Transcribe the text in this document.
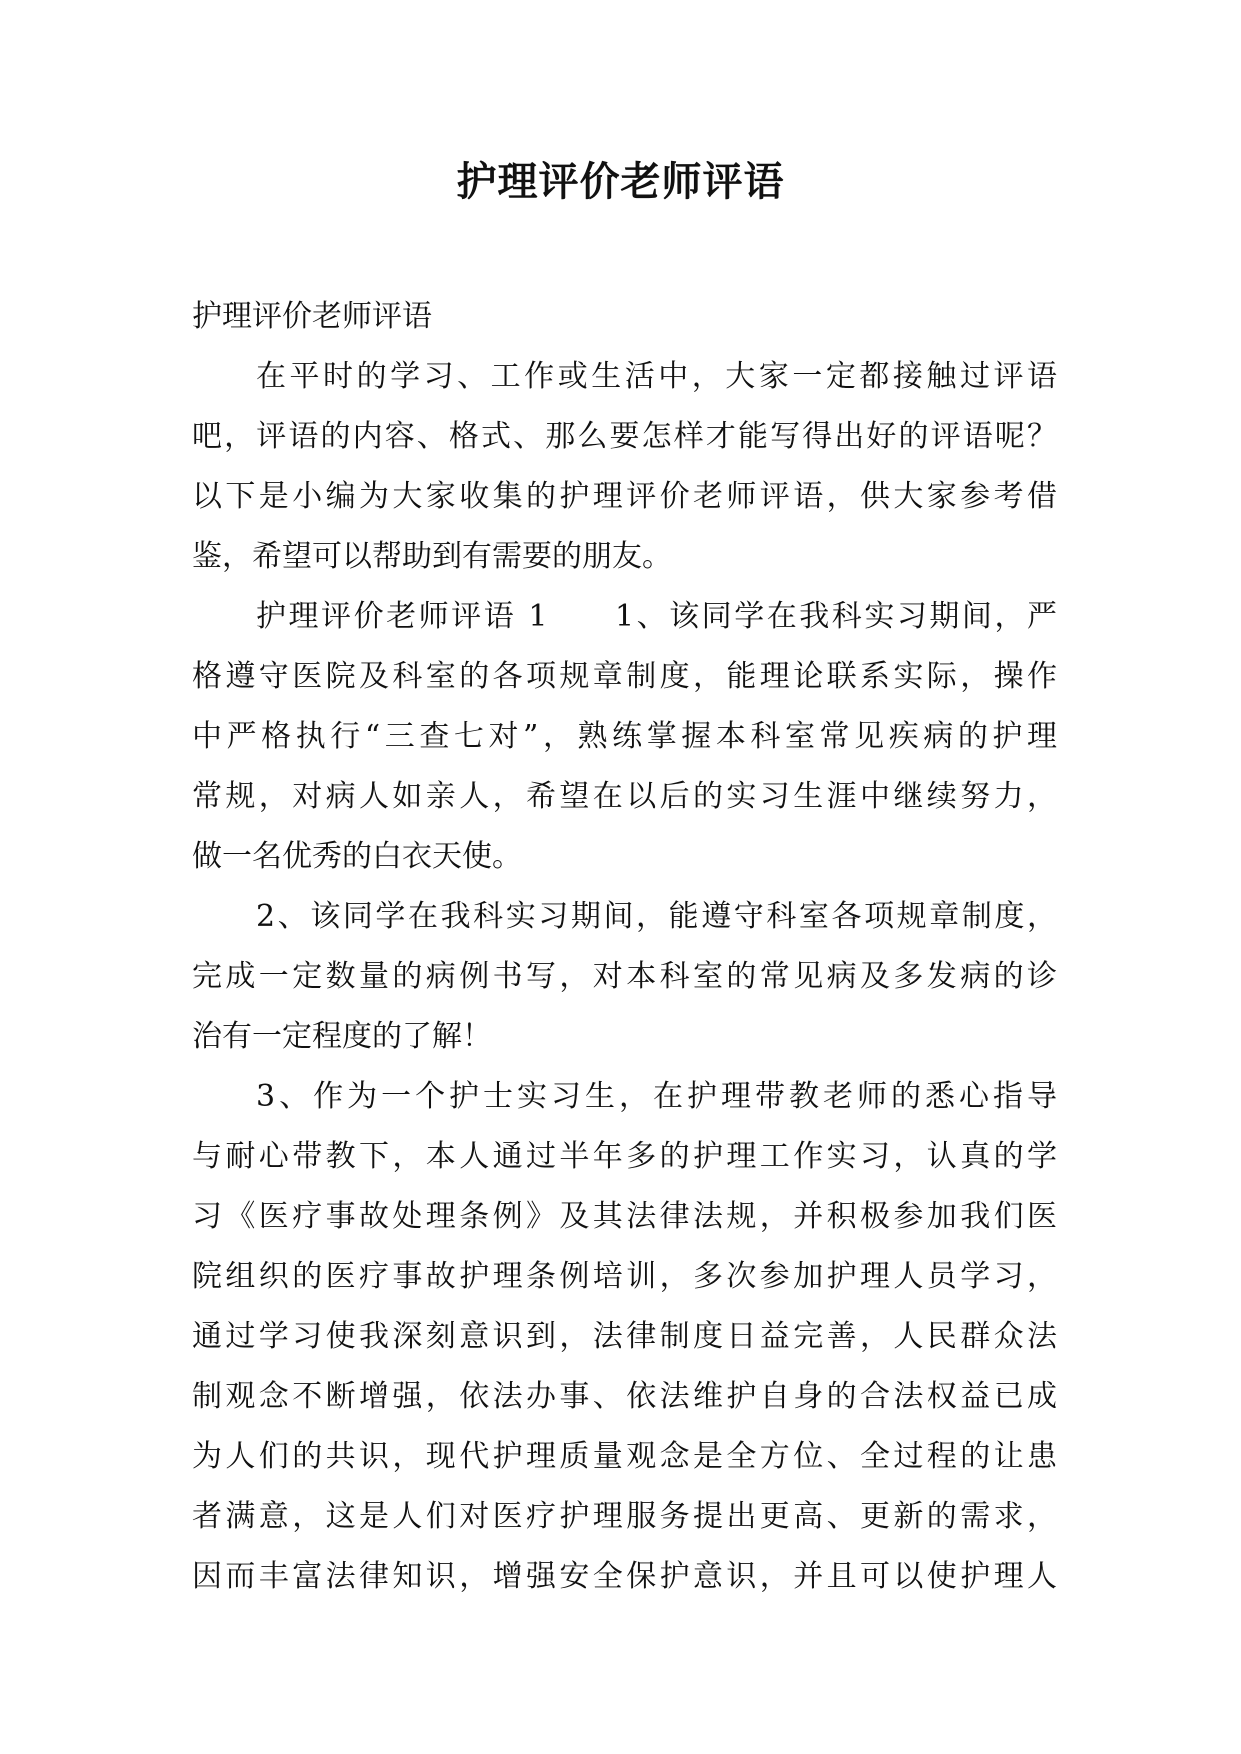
护理评价老师评语
护理评价老师评语
在平时的学习、工作或生活中，大家一定都接触过评语
吧，评语的内容、格式、那么要怎样才能写得出好的评语呢？
以下是小编为大家收集的护理评价老师评语，供大家参考借
鉴，希望可以帮助到有需要的朋友。
护理评价老师评语 1　　1、该同学在我科实习期间，严
格遵守医院及科室的各项规章制度，能理论联系实际，操作
中严格执行“三查七对”，熟练掌握本科室常见疾病的护理
常规，对病人如亲人，希望在以后的实习生涯中继续努力，
做一名优秀的白衣天使。
2、该同学在我科实习期间，能遵守科室各项规章制度，
完成一定数量的病例书写，对本科室的常见病及多发病的诊
治有一定程度的了解！
3、作为一个护士实习生，在护理带教老师的悉心指导
与耐心带教下，本人通过半年多的护理工作实习，认真的学
习《医疗事故处理条例》及其法律法规，并积极参加我们医
院组织的医疗事故护理条例培训，多次参加护理人员学习，
通过学习使我深刻意识到，法律制度日益完善，人民群众法
制观念不断增强，依法办事、依法维护自身的合法权益已成
为人们的共识，现代护理质量观念是全方位、全过程的让患
者满意，这是人们对医疗护理服务提出更高、更新的需求，
因而丰富法律知识，增强安全保护意识，并且可以使护理人
